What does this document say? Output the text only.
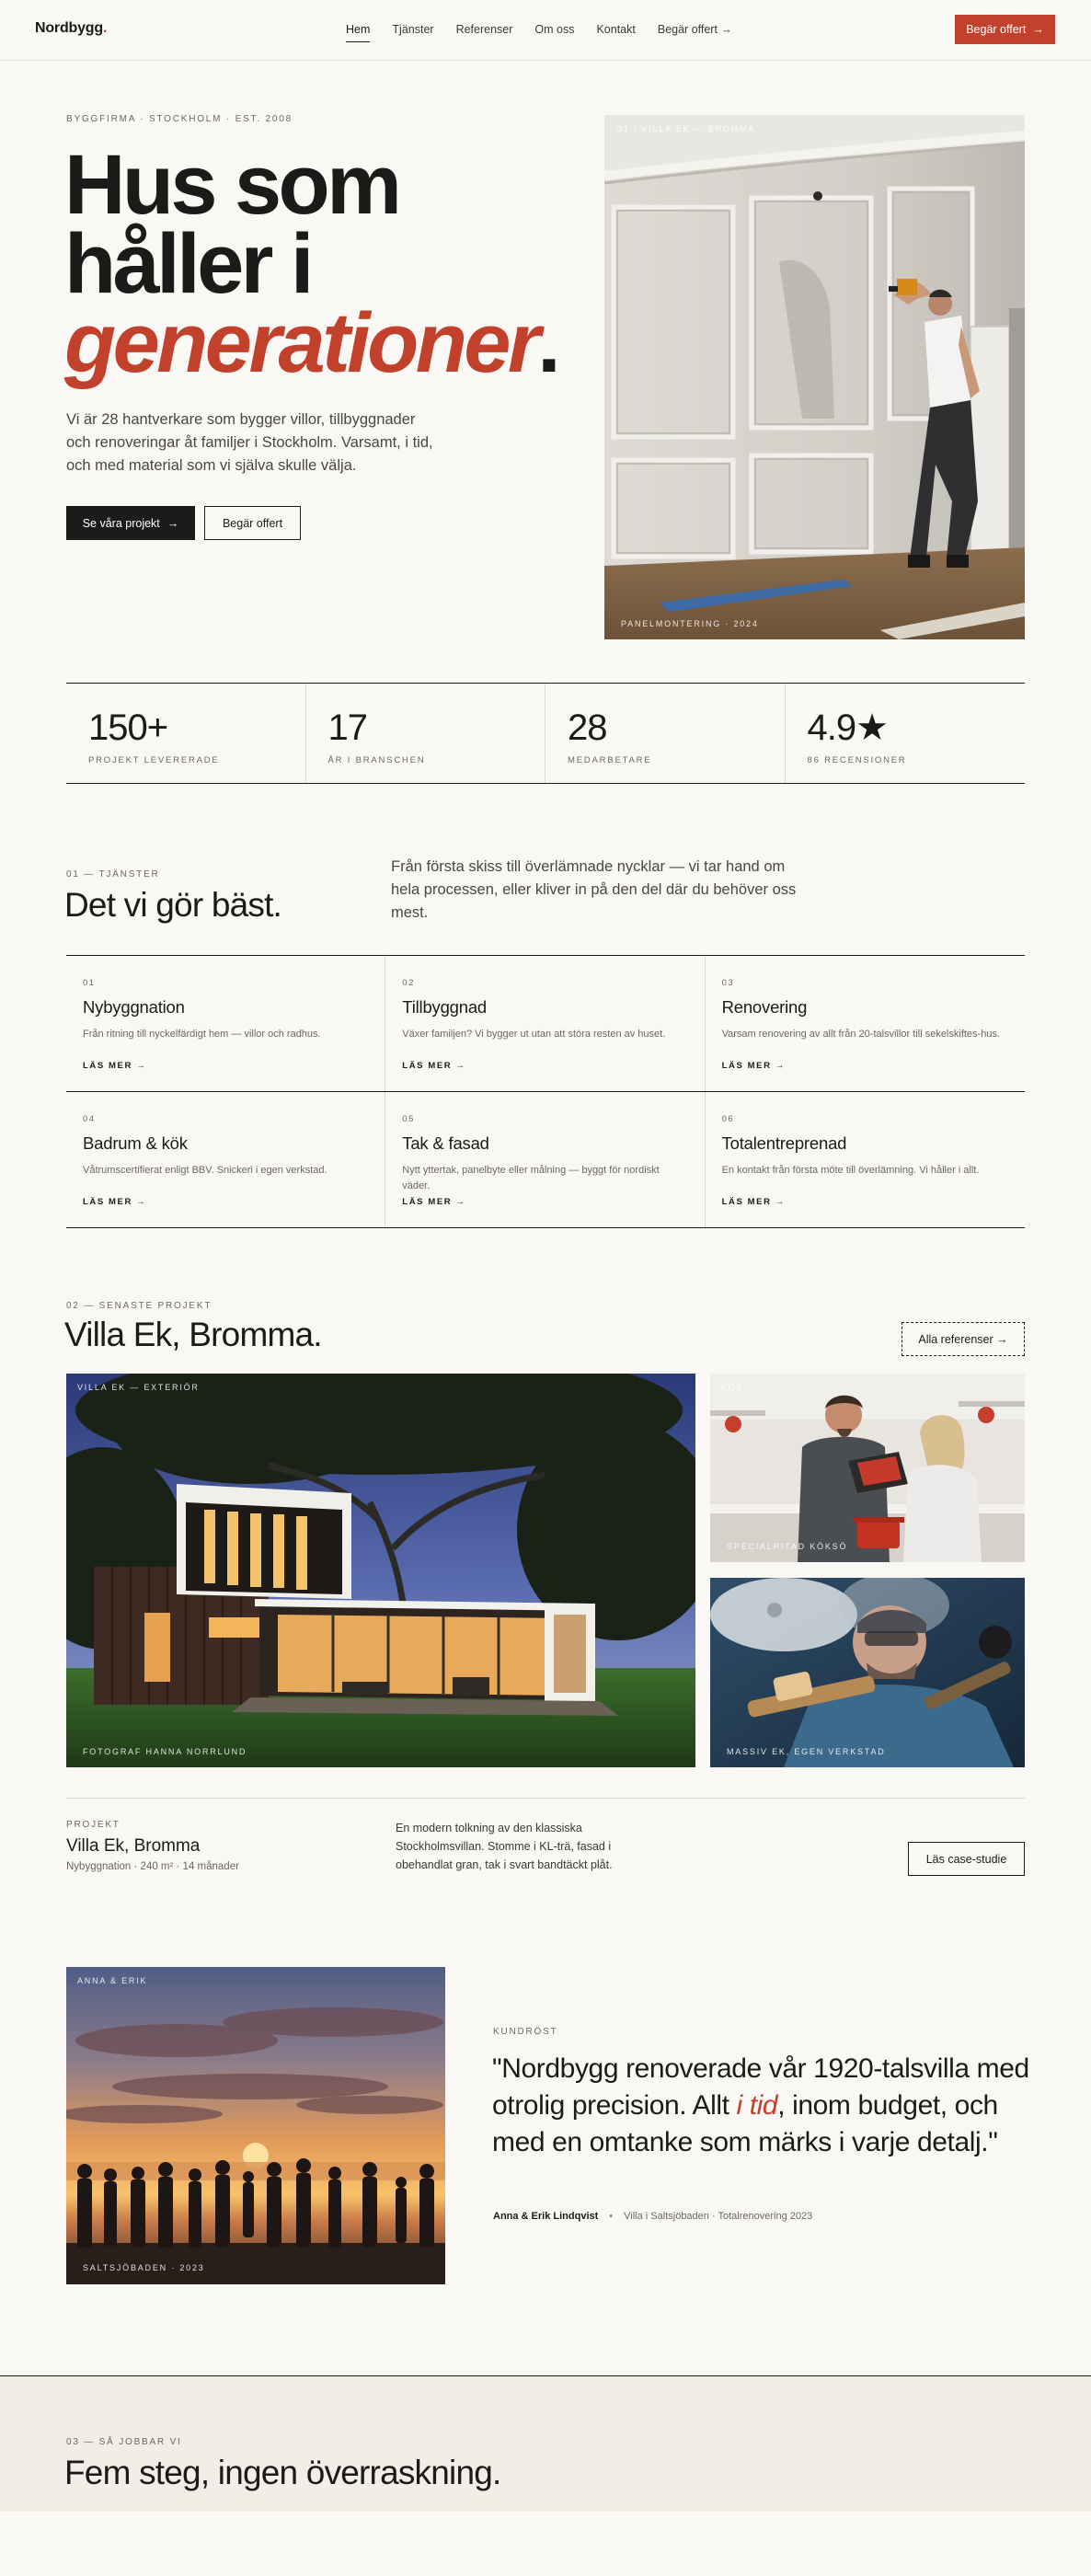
Nordbygg.	Hem Tjänster Referenser Om oss Kontakt Begär offert →	Begär offert →
BYGGFIRMA · STOCKHOLM · EST. 2008
Hus som
håller i

generationer.

Vi är 28 hantverkare som bygger villor, tillbyggnader och renoveringar åt familjer i Stockholm. Varsamt, i tid, och med material som vi själva skulle välja.

Se våra projekt →	Begär offert
01 / VILLA EK — BROMMA
PANELMONTERING · 2024
150+
PROJEKT LEVERERADE
17
ÅR I BRANSCHEN
28
MEDARBETARE
4.9★
86 RECENSIONER
01 — TJÄNSTER
Det vi gör bäst.

Från första skiss till överlämnade nycklar — vi tar hand om hela processen, eller kliver in på den del där du behöver oss mest.

01
Nybyggnation
Från ritning till nyckelfärdigt hem — villor och radhus.
LÄS MER →
02
Tillbyggnad
Växer familjen? Vi bygger ut utan att störa resten av huset.
LÄS MER →
03
Renovering
Varsam renovering av allt från 20-talsvillor till sekelskiftes-hus.
LÄS MER →
04
Badrum & kök
Våtrumscertifierat enligt BBV. Snickeri i egen verkstad.
LÄS MER →
05
Tak & fasad
Nytt yttertak, panelbyte eller målning — byggt för nordiskt väder.
LÄS MER →
06
Totalentreprenad
En kontakt från första möte till överlämning. Vi håller i allt.
LÄS MER →
02 — SENASTE PROJEKT
Villa Ek, Bromma.	Alla referenser →
VILLA EK — EXTERIÖR
FOTOGRAF HANNA NORRLUND
KÖK
SPECIALRITAD KÖKSÖ
MASSIV EK, EGEN VERKSTAD
PROJEKT
Villa Ek, Bromma
Nybyggnation · 240 m² · 14 månader

En modern tolkning av den klassiska Stockholmsvillan. Stomme i KL-trä, fasad i obehandlat gran, tak i svart bandtäckt plåt.	Läs case-studie
ANNA & ERIK
SALTSJÖBADEN · 2023
KUNDRÖST
"Nordbygg renoverade vår 1920-talsvilla med otrolig precision. Allt i tid, inom budget, och med en omtanke som märks i varje detalj."
Anna & Erik Lindqvist • Villa i Saltsjöbaden · Totalrenovering 2023
03 — SÅ JOBBAR VI
Fem steg, ingen överraskning.
